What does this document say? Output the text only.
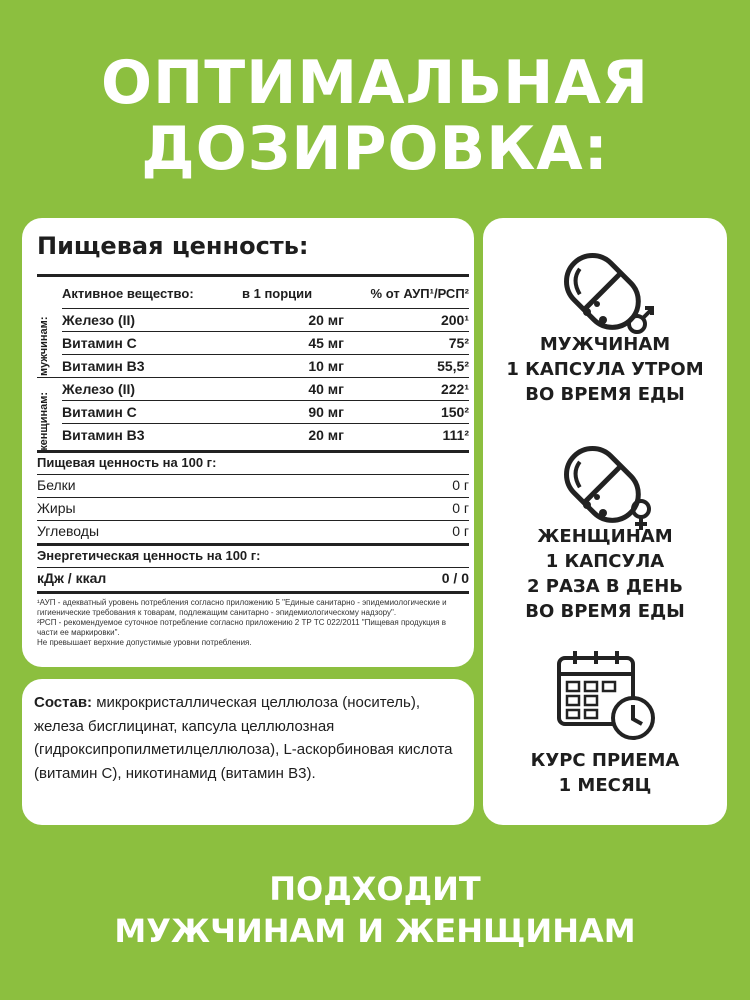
ОПТИМАЛЬНАЯ
ДОЗИРОВКА:
Пищевая ценность:
Активное вещество:	в 1 порции	% от АУП¹/РСП²
мужчинам:
женщинам:
Железо (II)	20 мг	200¹
Витамин С	45 мг	75²
Витамин В3	10 мг	55,5²
Железо (II)	40 мг	222¹
Витамин С	90 мг	150²
Витамин В3	20 мг	111²
Пищевая ценность на 100 г:
Белки	0 г
Жиры	0 г
Углеводы	0 г
Энергетическая ценность на 100 г:
кДж / ккал	0 / 0
¹АУП - адекватный уровень потребления согласно приложению 5 "Единые санитарно - эпидемиологические и гигиенические требования к товарам, подлежащим санитарно - эпидемиологическому надзору".
²РСП - рекомендуемое суточное потребление согласно приложению 2 ТР ТС 022/2011 "Пищевая продукция в части ее маркировки".
Не превышает верхние допустимые уровни потребления.
Состав: микрокристаллическая целлюлоза (носитель), железа бисглицинат, капсула целлюлозная (гидроксипропилметилцеллюлоза), L-аскорбиновая кислота (витамин С), никотинамид (витамин В3).
МУЖЧИНАМ
1 КАПСУЛА УТРОМ
ВО ВРЕМЯ ЕДЫ
ЖЕНЩИНАМ
1 КАПСУЛА
2 РАЗА В ДЕНЬ
ВО ВРЕМЯ ЕДЫ
КУРС ПРИЕМА
1 МЕСЯЦ
ПОДХОДИТ
МУЖЧИНАМ И ЖЕНЩИНАМ
